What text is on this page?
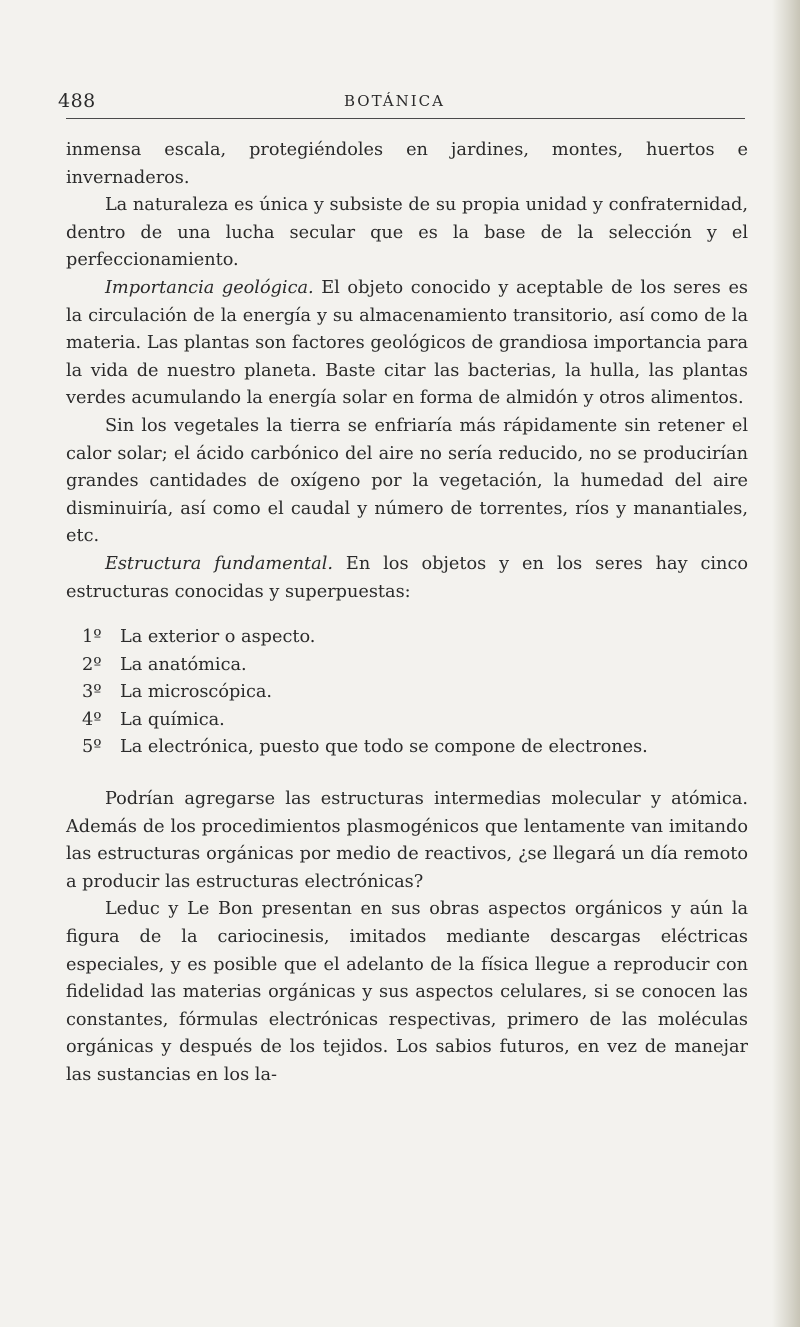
488	BOTÁNICA

inmensa escala, protegiéndoles en jardines, montes, huertos e invernaderos.

La naturaleza es única y subsiste de su propia unidad y confraternidad, dentro de una lucha secular que es la base de la selección y el perfeccionamiento.

Importancia geológica. El objeto conocido y aceptable de los seres es la circulación de la energía y su almacenamiento transitorio, así como de la materia. Las plantas son factores geológicos de grandiosa importancia para la vida de nuestro planeta. Baste citar las bacterias, la hulla, las plantas verdes acumulando la energía solar en forma de almidón y otros alimentos.

Sin los vegetales la tierra se enfriaría más rápidamente sin retener el calor solar; el ácido carbónico del aire no sería reducido, no se producirían grandes cantidades de oxígeno por la vegetación, la humedad del aire disminuiría, así como el caudal y número de torrentes, ríos y manantiales, etc.

Estructura fundamental. En los objetos y en los seres hay cinco estructuras conocidas y superpuestas:

1º La exterior o aspecto.
2º La anatómica.
3º La microscópica.
4º La química.
5º La electrónica, puesto que todo se compone de electrones.

Podrían agregarse las estructuras intermedias molecular y atómica. Además de los procedimientos plasmogénicos que lentamente van imitando las estructuras orgánicas por medio de reactivos, ¿se llegará un día remoto a producir las estructuras electrónicas?

Leduc y Le Bon presentan en sus obras aspectos orgánicos y aún la figura de la cariocinesis, imitados mediante descargas eléctricas especiales, y es posible que el adelanto de la física llegue a reproducir con fidelidad las materias orgánicas y sus aspectos celulares, si se conocen las constantes, fórmulas electrónicas respectivas, primero de las moléculas orgánicas y después de los tejidos. Los sabios futuros, en vez de manejar las sustancias en los la-
